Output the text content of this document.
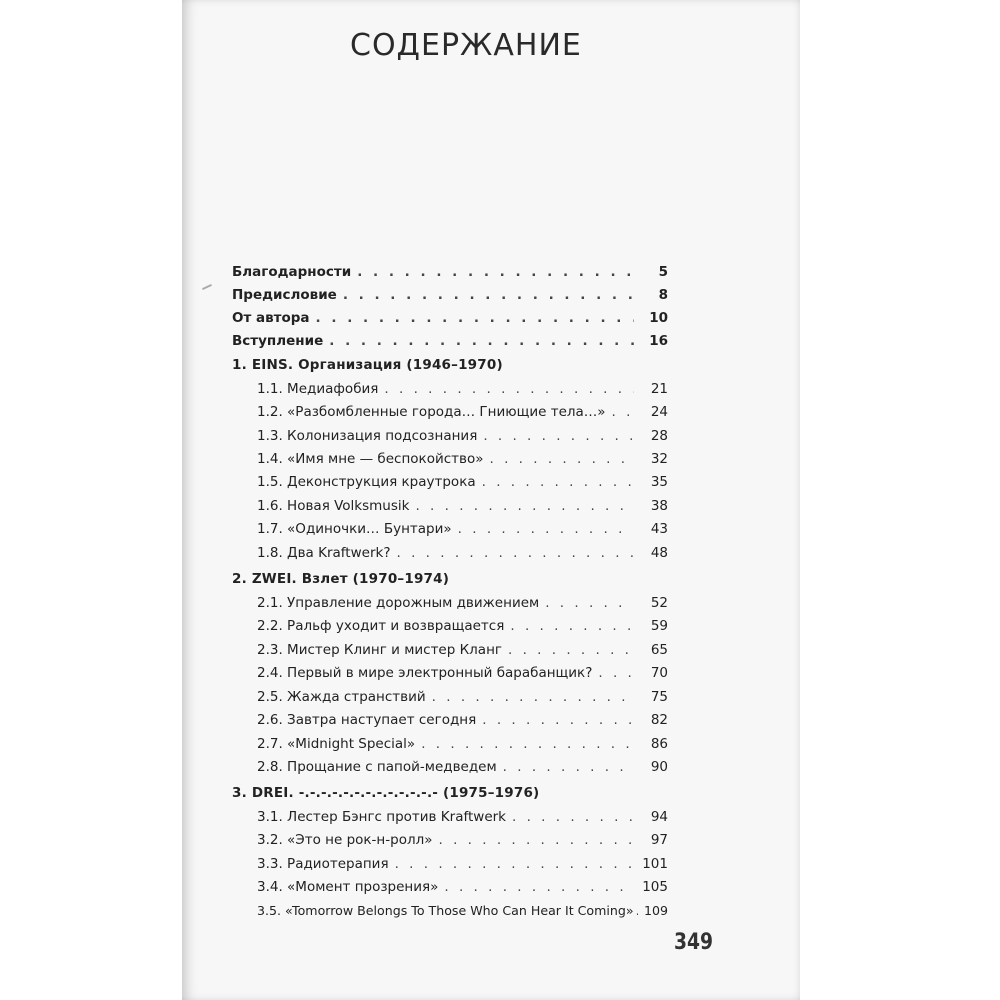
СОДЕРЖАНИЕ
Благодарности . . .	5
Предисловие . . .	8
От автора . . .	10
Вступление . . .	16
1. EINS. Организация (1946–1970)
1.1. Медиафобия . . .	21
1.2. «Разбомбленные города… Гниющие тела…» . . .	24
1.3. Колонизация подсознания . . .	28
1.4. «Имя мне — беспокойство» . . .	32
1.5. Деконструкция краутрока . . .	35
1.6. Новая Volksmusik . . .	38
1.7. «Одиночки… Бунтари» . . .	43
1.8. Два Kraftwerk? . . .	48
2. ZWEI. Взлет (1970–1974)
2.1. Управление дорожным движением . . .	52
2.2. Ральф уходит и возвращается . . .	59
2.3. Мистер Клинг и мистер Кланг . . .	65
2.4. Первый в мире электронный барабанщик? . . .	70
2.5. Жажда странствий . . .	75
2.6. Завтра наступает сегодня . . .	82
2.7. «Midnight Special» . . .	86
2.8. Прощание с папой-медведем . . .	90
3. DREI. -.-.-.-.-.-.-.-.-.-.-.-.- (1975–1976)
3.1. Лестер Бэнгс против Kraftwerk . . .	94
3.2. «Это не рок-н-ролл» . . .	97
3.3. Радиотерапия . . .	101
3.4. «Момент прозрения» . . .	105
3.5. «Tomorrow Belongs To Those Who Can Hear It Coming» . . . 109
349
